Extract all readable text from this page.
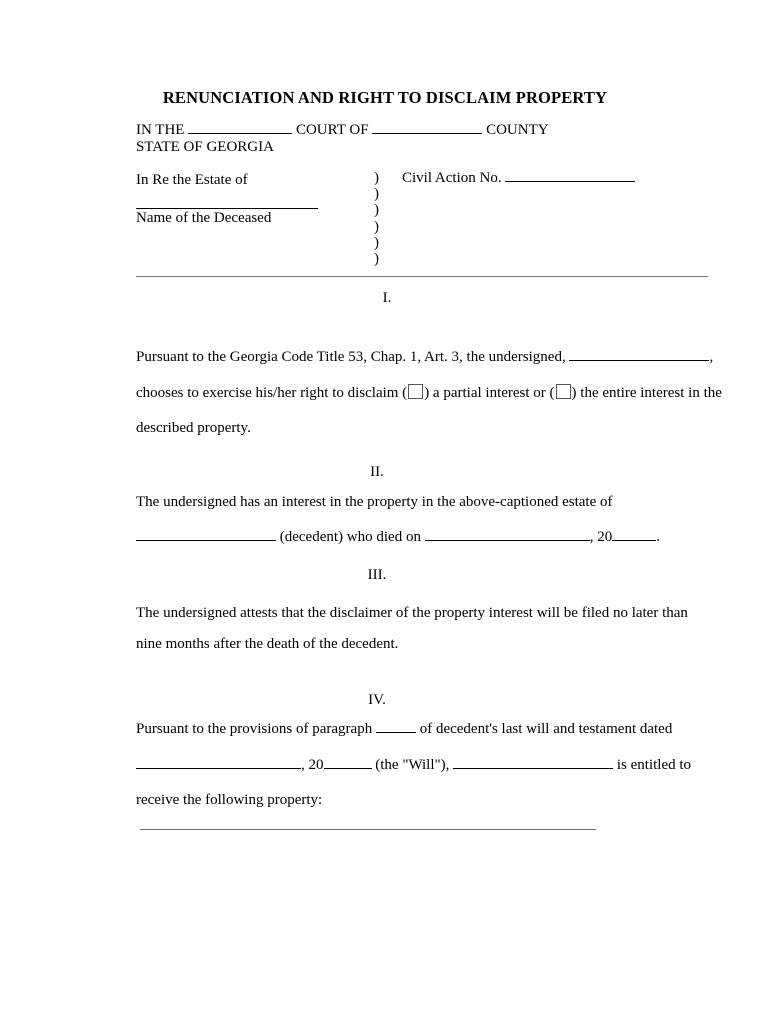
RENUNCIATION AND RIGHT TO DISCLAIM PROPERTY
IN THE	COURT OF	COUNTY
STATE OF GEORGIA
In Re the Estate of
Name of the Deceased
)
)
)
)
)
)
Civil Action No.
I.
Pursuant to the Georgia Code Title 53, Chap. 1, Art. 3, the undersigned,	, chooses to exercise his/her right to disclaim ( ) a partial interest or ( ) the entire interest in the described property.
II.
The undersigned has an interest in the property in the above-captioned estate of
(decedent) who died on	, 20	.
III.
The undersigned attests that the disclaimer of the property interest will be filed no later than nine months after the death of the decedent.
IV.
Pursuant to the provisions of paragraph	of decedent's last will and testament dated
, 20	(the "Will"),	is entitled to receive the following property:
